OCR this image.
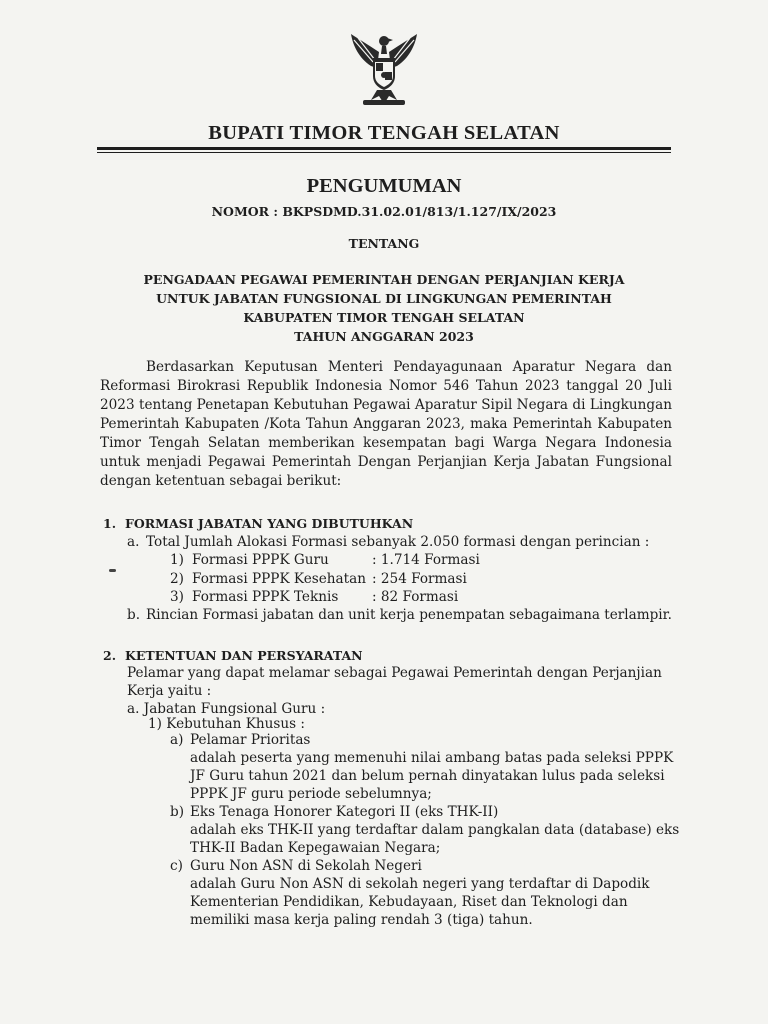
BUPATI TIMOR TENGAH SELATAN
PENGUMUMAN
NOMOR : BKPSDMD.31.02.01/813/1.127/IX/2023
TENTANG
PENGADAAN PEGAWAI PEMERINTAH DENGAN PERJANJIAN KERJA
UNTUK JABATAN FUNGSIONAL DI LINGKUNGAN PEMERINTAH
KABUPATEN TIMOR TENGAH SELATAN
TAHUN ANGGARAN 2023
Berdasarkan Keputusan Menteri Pendayagunaan Aparatur Negara dan
Reformasi Birokrasi Republik Indonesia Nomor 546 Tahun 2023 tanggal 20 Juli
2023 tentang Penetapan Kebutuhan Pegawai Aparatur Sipil Negara di Lingkungan
Pemerintah Kabupaten /Kota Tahun Anggaran 2023, maka Pemerintah Kabupaten
Timor Tengah Selatan memberikan kesempatan bagi Warga Negara Indonesia
untuk menjadi Pegawai Pemerintah Dengan Perjanjian Kerja Jabatan Fungsional
dengan ketentuan sebagai berikut:
1. FORMASI JABATAN YANG DIBUTUHKAN
a. Total Jumlah Alokasi Formasi sebanyak 2.050 formasi dengan perincian :
1) Formasi PPPK Guru	: 1.714 Formasi
2) Formasi PPPK Kesehatan : 254 Formasi
3) Formasi PPPK Teknis : 82 Formasi
b. Rincian Formasi jabatan dan unit kerja penempatan sebagaimana terlampir.
2. KETENTUAN DAN PERSYARATAN
Pelamar yang dapat melamar sebagai Pegawai Pemerintah dengan Perjanjian
Kerja yaitu :
a. Jabatan Fungsional Guru :
1) Kebutuhan Khusus :
a) Pelamar Prioritas
adalah peserta yang memenuhi nilai ambang batas pada seleksi PPPK
JF Guru tahun 2021 dan belum pernah dinyatakan lulus pada seleksi
PPPK JF guru periode sebelumnya;
b) Eks Tenaga Honorer Kategori II (eks THK-II)
adalah eks THK-II yang terdaftar dalam pangkalan data (database) eks
THK-II Badan Kepegawaian Negara;
c) Guru Non ASN di Sekolah Negeri
adalah Guru Non ASN di sekolah negeri yang terdaftar di Dapodik
Kementerian Pendidikan, Kebudayaan, Riset dan Teknologi dan
memiliki masa kerja paling rendah 3 (tiga) tahun.
